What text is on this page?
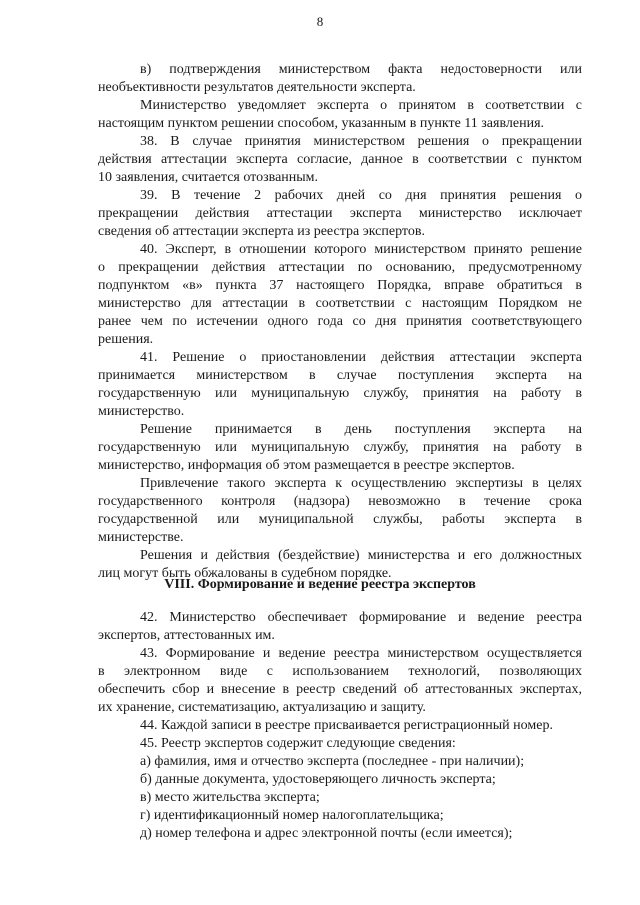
8
в) подтверждения министерством факта недостоверности или
необъективности результатов деятельности эксперта.
Министерство уведомляет эксперта о принятом в соответствии с
настоящим пунктом решении способом, указанным в пункте 11 заявления.
38. В случае принятия министерством решения о прекращении
действия аттестации эксперта согласие, данное в соответствии с пунктом
10 заявления, считается отозванным.
39. В течение 2 рабочих дней со дня принятия решения о
прекращении действия аттестации эксперта министерство исключает
сведения об аттестации эксперта из реестра экспертов.
40. Эксперт, в отношении которого министерством принято решение
о прекращении действия аттестации по основанию, предусмотренному
подпунктом «в» пункта 37 настоящего Порядка, вправе обратиться в
министерство для аттестации в соответствии с настоящим Порядком не
ранее чем по истечении одного года со дня принятия соответствующего
решения.
41. Решение о приостановлении действия аттестации эксперта
принимается министерством в случае поступления эксперта на
государственную или муниципальную службу, принятия на работу в
министерство.
Решение принимается в день поступления эксперта на
государственную или муниципальную службу, принятия на работу в
министерство, информация об этом размещается в реестре экспертов.
Привлечение такого эксперта к осуществлению экспертизы в целях
государственного контроля (надзора) невозможно в течение срока
государственной или муниципальной службы, работы эксперта в
министерстве.
Решения и действия (бездействие) министерства и его должностных
лиц могут быть обжалованы в судебном порядке.
VIII. Формирование и ведение реестра экспертов
42. Министерство обеспечивает формирование и ведение реестра
экспертов, аттестованных им.
43. Формирование и ведение реестра министерством осуществляется
в электронном виде с использованием технологий, позволяющих
обеспечить сбор и внесение в реестр сведений об аттестованных экспертах,
их хранение, систематизацию, актуализацию и защиту.
44. Каждой записи в реестре присваивается регистрационный номер.
45. Реестр экспертов содержит следующие сведения:
а) фамилия, имя и отчество эксперта (последнее - при наличии);
б) данные документа, удостоверяющего личность эксперта;
в) место жительства эксперта;
г) идентификационный номер налогоплательщика;
д) номер телефона и адрес электронной почты (если имеется);
